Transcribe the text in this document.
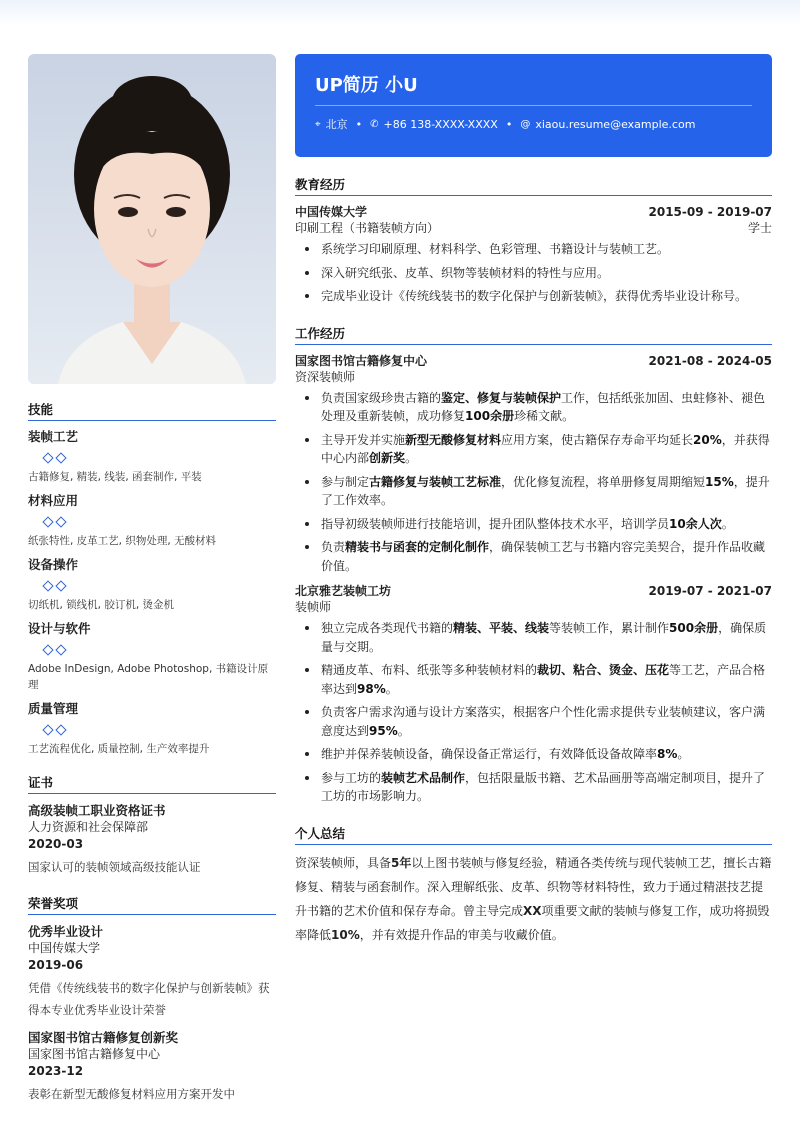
技能
装帧工艺
古籍修复, 精装, 线装, 函套制作, 平装
材料应用
纸张特性, 皮革工艺, 织物处理, 无酸材料
设备操作
切纸机, 锁线机, 胶订机, 烫金机
设计与软件
Adobe InDesign, Adobe Photoshop, 书籍设计原理
质量管理
工艺流程优化, 质量控制, 生产效率提升
证书
高级装帧工职业资格证书
人力资源和社会保障部
2020-03
国家认可的装帧领域高级技能认证
荣誉奖项
优秀毕业设计
中国传媒大学
2019-06
凭借《传统线装书的数字化保护与创新装帧》获得本专业优秀毕业设计荣誉
国家图书馆古籍修复创新奖
国家图书馆古籍修复中心
2023-12
表彰在新型无酸修复材料应用方案开发中
UP简历 小U
⌖ 北京 • ✆ +86 138-XXXX-XXXX • @ xiaou.resume@example.com
教育经历
中国传媒大学	2015-09 - 2019-07
印刷工程（书籍装帧方向）	学士
系统学习印刷原理、材料科学、色彩管理、书籍设计与装帧工艺。
深入研究纸张、皮革、织物等装帧材料的特性与应用。
完成毕业设计《传统线装书的数字化保护与创新装帧》，获得优秀毕业设计称号。
工作经历
国家图书馆古籍修复中心	2021-08 - 2024-05
资深装帧师
负责国家级珍贵古籍的鉴定、修复与装帧保护工作，包括纸张加固、虫蛀修补、褪色处理及重新装帧，成功修复100余册珍稀文献。
主导开发并实施新型无酸修复材料应用方案，使古籍保存寿命平均延长20%，并获得中心内部创新奖。
参与制定古籍修复与装帧工艺标准，优化修复流程，将单册修复周期缩短15%，提升了工作效率。
指导初级装帧师进行技能培训，提升团队整体技术水平，培训学员10余人次。
负责精装书与函套的定制化制作，确保装帧工艺与书籍内容完美契合，提升作品收藏价值。
北京雅艺装帧工坊	2019-07 - 2021-07
装帧师
独立完成各类现代书籍的精装、平装、线装等装帧工作，累计制作500余册，确保质量与交期。
精通皮革、布料、纸张等多种装帧材料的裁切、粘合、烫金、压花等工艺，产品合格率达到98%。
负责客户需求沟通与设计方案落实，根据客户个性化需求提供专业装帧建议，客户满意度达到95%。
维护并保养装帧设备，确保设备正常运行，有效降低设备故障率8%。
参与工坊的装帧艺术品制作，包括限量版书籍、艺术品画册等高端定制项目，提升了工坊的市场影响力。
个人总结
资深装帧师，具备5年以上图书装帧与修复经验，精通各类传统与现代装帧工艺，擅长古籍修复、精装与函套制作。深入理解纸张、皮革、织物等材料特性，致力于通过精湛技艺提升书籍的艺术价值和保存寿命。曾主导完成XX项重要文献的装帧与修复工作，成功将损毁率降低10%，并有效提升作品的审美与收藏价值。
